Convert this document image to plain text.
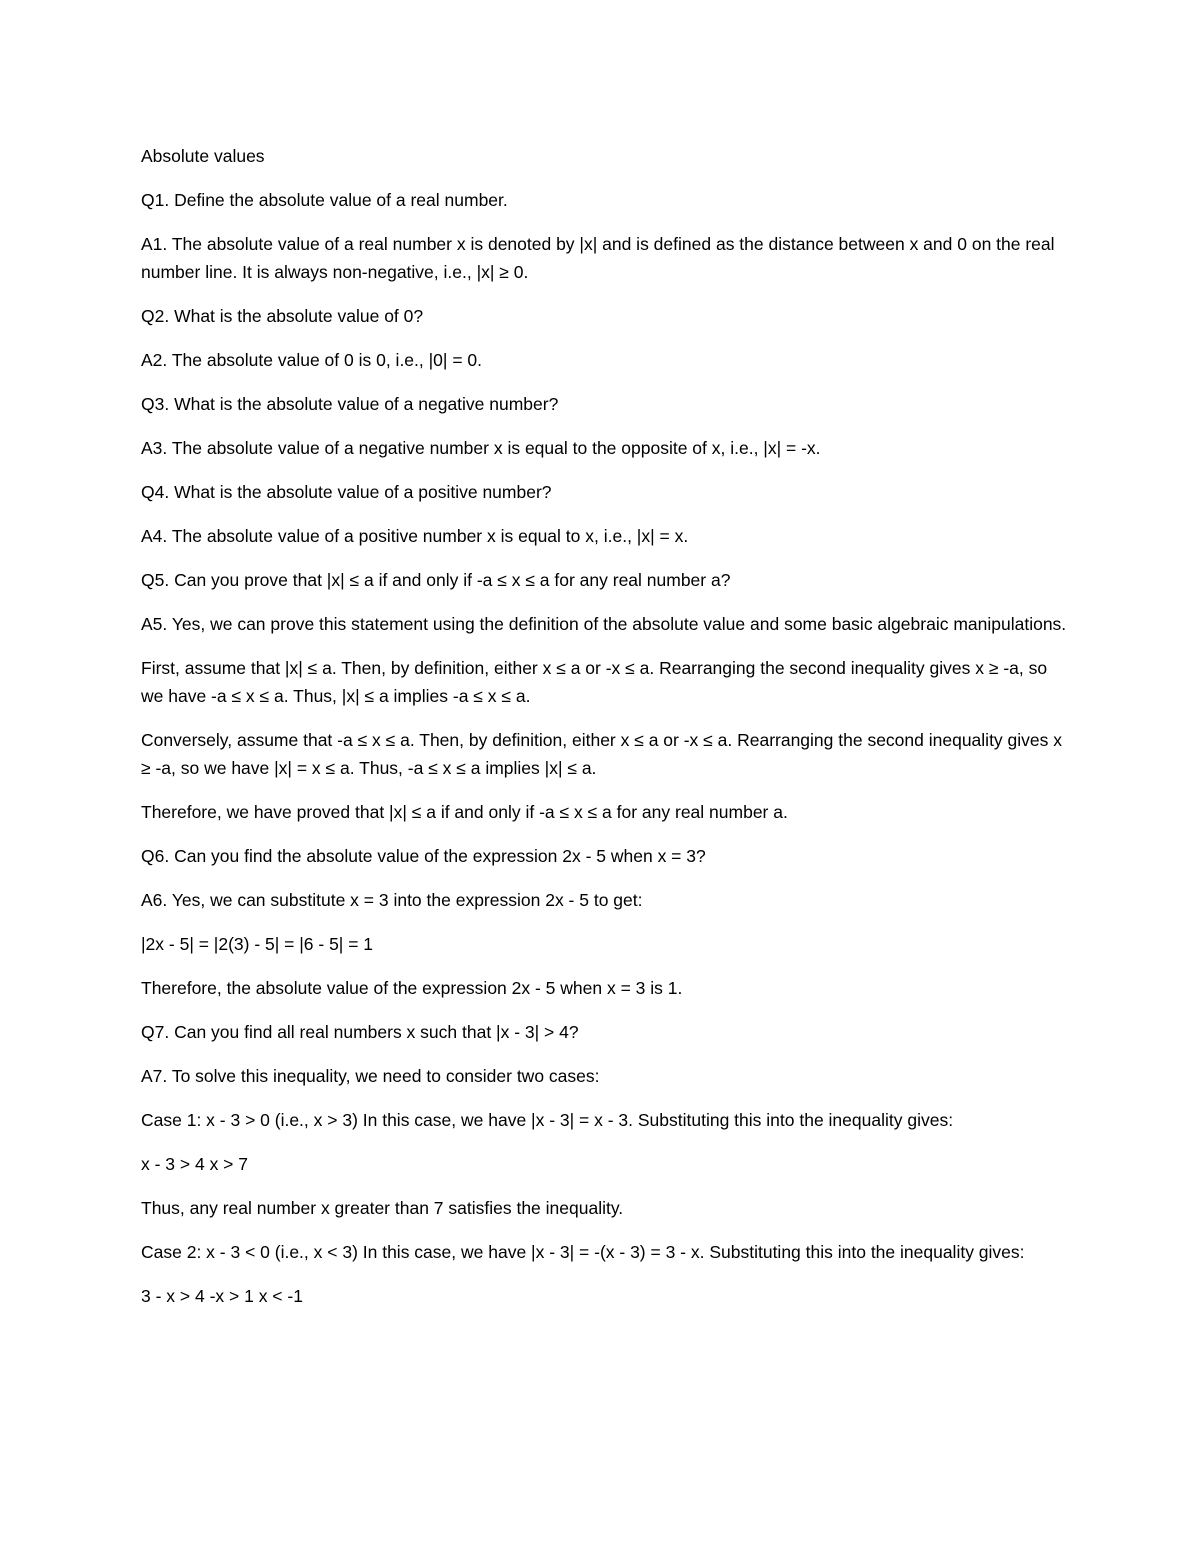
Absolute values

Q1. Define the absolute value of a real number.

A1. The absolute value of a real number x is denoted by |x| and is defined as the distance between x and 0 on the real number line. It is always non-negative, i.e., |x| ≥ 0.

Q2. What is the absolute value of 0?

A2. The absolute value of 0 is 0, i.e., |0| = 0.

Q3. What is the absolute value of a negative number?

A3. The absolute value of a negative number x is equal to the opposite of x, i.e., |x| = -x.

Q4. What is the absolute value of a positive number?

A4. The absolute value of a positive number x is equal to x, i.e., |x| = x.

Q5. Can you prove that |x| ≤ a if and only if -a ≤ x ≤ a for any real number a?

A5. Yes, we can prove this statement using the definition of the absolute value and some basic algebraic manipulations.

First, assume that |x| ≤ a. Then, by definition, either x ≤ a or -x ≤ a. Rearranging the second inequality gives x ≥ -a, so we have -a ≤ x ≤ a. Thus, |x| ≤ a implies -a ≤ x ≤ a.

Conversely, assume that -a ≤ x ≤ a. Then, by definition, either x ≤ a or -x ≤ a. Rearranging the second inequality gives x ≥ -a, so we have |x| = x ≤ a. Thus, -a ≤ x ≤ a implies |x| ≤ a.

Therefore, we have proved that |x| ≤ a if and only if -a ≤ x ≤ a for any real number a.

Q6. Can you find the absolute value of the expression 2x - 5 when x = 3?

A6. Yes, we can substitute x = 3 into the expression 2x - 5 to get:

|2x - 5| = |2(3) - 5| = |6 - 5| = 1

Therefore, the absolute value of the expression 2x - 5 when x = 3 is 1.

Q7. Can you find all real numbers x such that |x - 3| > 4?

A7. To solve this inequality, we need to consider two cases:

Case 1: x - 3 > 0 (i.e., x > 3) In this case, we have |x - 3| = x - 3. Substituting this into the inequality gives:

x - 3 > 4 x > 7

Thus, any real number x greater than 7 satisfies the inequality.

Case 2: x - 3 < 0 (i.e., x < 3) In this case, we have |x - 3| = -(x - 3) = 3 - x. Substituting this into the inequality gives:

3 - x > 4 -x > 1 x < -1
